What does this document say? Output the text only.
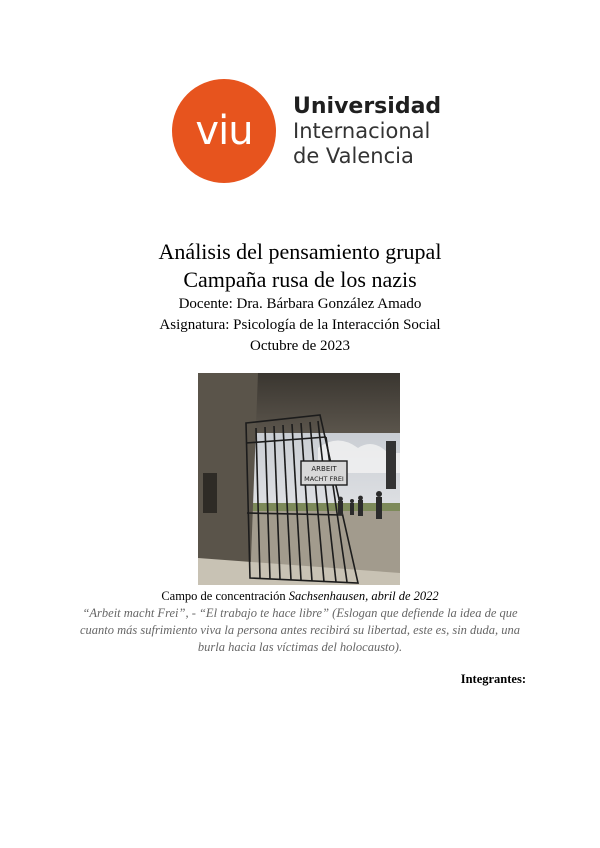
viu
Universidad
Internacional
de Valencia
Análisis del pensamiento grupal
Campaña rusa de los nazis
Docente: Dra. Bárbara González Amado
Asignatura: Psicología de la Interacción Social
Octubre de 2023
ARBEIT
MACHT FREI
Campo de concentración Sachsenhausen, abril de 2022
“Arbeit macht Frei”, - “El trabajo te hace libre” (Eslogan que defiende la idea de que
cuanto más sufrimiento viva la persona antes recibirá su libertad, este es, sin duda, una
burla hacia las víctimas del holocausto).
Integrantes:
